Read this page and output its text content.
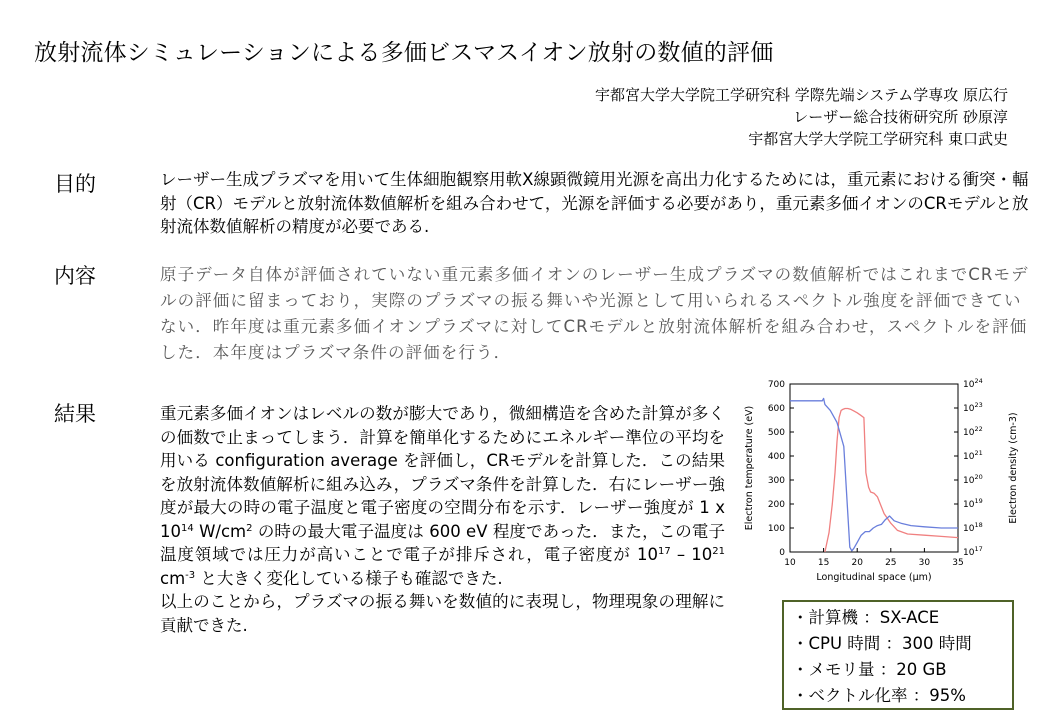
放射流体シミュレーションによる多価ビスマスイオン放射の数値的評価
宇都宮大学大学院工学研究科 学際先端システム学専攻 原広行
レーザー総合技術研究所 砂原淳
宇都宮大学大学院工学研究科 東口武史
目的	レーザー生成プラズマを用いて生体細胞観察用軟X線顕微鏡用光源を高出力化するためには，重元素における衝突・輻射（CR）モデルと放射流体数値解析を組み合わせて，光源を評価する必要があり，重元素多価イオンのCRモデルと放射流体数値解析の精度が必要である.
内容	原子データ自体が評価されていない重元素多価イオンのレーザー生成プラズマの数値解析ではこれまでCRモデルの評価に留まっており，実際のプラズマの振る舞いや光源として用いられるスペクトル強度を評価できていない．昨年度は重元素多価イオンプラズマに対してCRモデルと放射流体解析を組み合わせ，スペクトルを評価した．本年度はプラズマ条件の評価を行う．
結果	重元素多価イオンはレベルの数が膨大であり，微細構造を含めた計算が多くの価数で止まってしまう．計算を簡単化するためにエネルギー準位の平均を用いる configuration average を評価し，CRモデルを計算した．この結果を放射流体数値解析に組み込み，プラズマ条件を計算した．右にレーザー強度が最大の時の電子温度と電子密度の空間分布を示す．レーザー強度が 1 x $10^{14}$ $W/cm^2$ の時の最大電子温度は 600 eV 程度であった．また，この電子温度領域では圧力が高いことで電子が排斥され，電子密度が $10^{17} - 10^{21}$ $cm^{-3}$ と大きく変化している様子も確認できた.

以上のことから，プラズマの振る舞いを数値的に表現し，物理現象の理解に貢献できた.

10 15 20 25 30 35
0
100
200
300
400
500
600
700
$10^{17}$
$10^{18}$
$10^{19}$
$10^{20}$
$10^{21}$
$10^{22}$
$10^{23}$
$10^{24}$
Longitudinal space (μm)
Electron temperature (eV)	Electron density (cm-3)
・計算機 ：SX-ACE
・CPU 時間 ：300 時間
・メモリ量 ：20 GB
・ベクトル化率 ：95%
